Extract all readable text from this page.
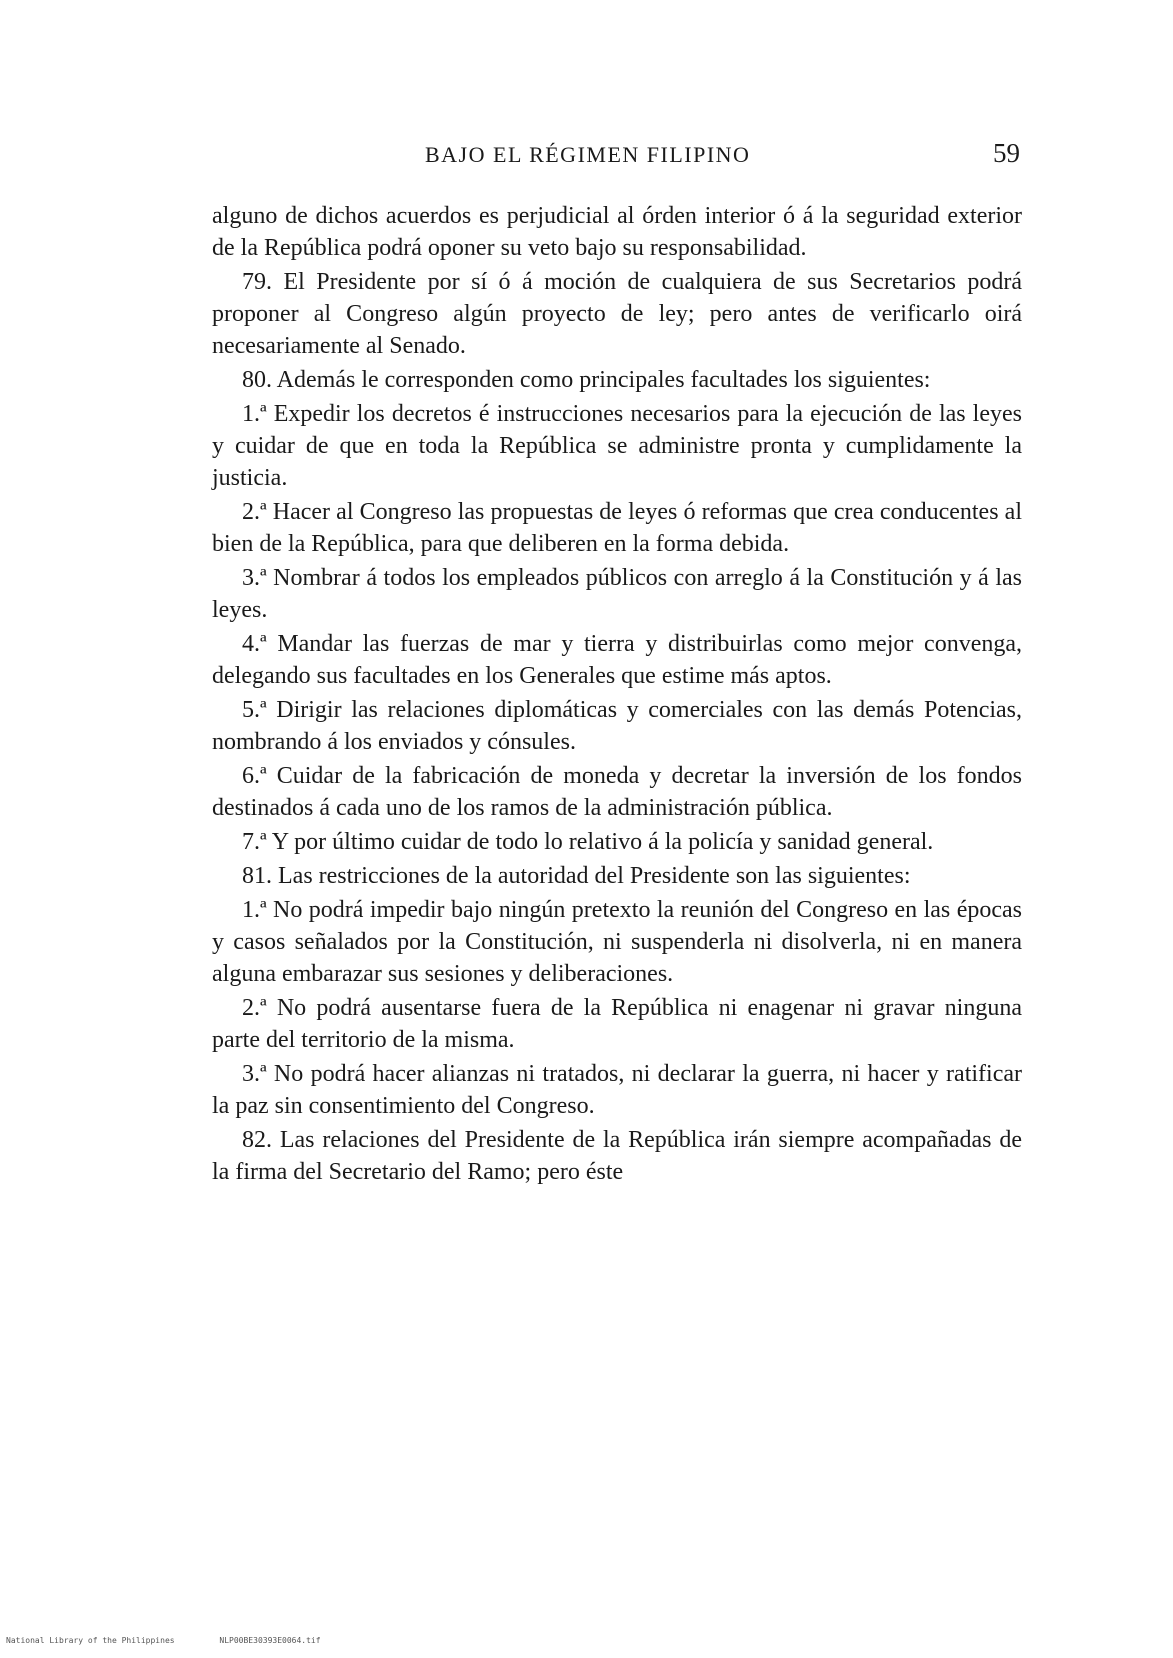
BAJO EL RÉGIMEN FILIPINO	59

alguno de dichos acuerdos es perjudicial al órden interior ó á la seguridad exterior de la República podrá oponer su veto bajo su responsabilidad.

79. El Presidente por sí ó á moción de cualquiera de sus Secretarios podrá proponer al Congreso algún proyecto de ley; pero antes de verificarlo oirá necesariamente al Senado.

80. Además le corresponden como principales facultades los siguientes:

1.ª Expedir los decretos é instrucciones necesarios para la ejecución de las leyes y cuidar de que en toda la República se administre pronta y cumplidamente la justicia.

2.ª Hacer al Congreso las propuestas de leyes ó reformas que crea conducentes al bien de la República, para que deliberen en la forma debida.

3.ª Nombrar á todos los empleados públicos con arreglo á la Constitución y á las leyes.

4.ª Mandar las fuerzas de mar y tierra y distribuirlas como mejor convenga, delegando sus facultades en los Generales que estime más aptos.

5.ª Dirigir las relaciones diplomáticas y comerciales con las demás Potencias, nombrando á los enviados y cónsules.

6.ª Cuidar de la fabricación de moneda y decretar la inversión de los fondos destinados á cada uno de los ramos de la administración pública.

7.ª Y por último cuidar de todo lo relativo á la policía y sanidad general.

81. Las restricciones de la autoridad del Presidente son las siguientes:

1.ª No podrá impedir bajo ningún pretexto la reunión del Congreso en las épocas y casos señalados por la Constitución, ni suspenderla ni disolverla, ni en manera alguna embarazar sus sesiones y deliberaciones.

2.ª No podrá ausentarse fuera de la República ni enagenar ni gravar ninguna parte del territorio de la misma.

3.ª No podrá hacer alianzas ni tratados, ni declarar la guerra, ni hacer y ratificar la paz sin consentimiento del Congreso.

82. Las relaciones del Presidente de la República irán siempre acompañadas de la firma del Secretario del Ramo; pero éste

National Library of the Philippines	NLP00BE30393E0064.tif
